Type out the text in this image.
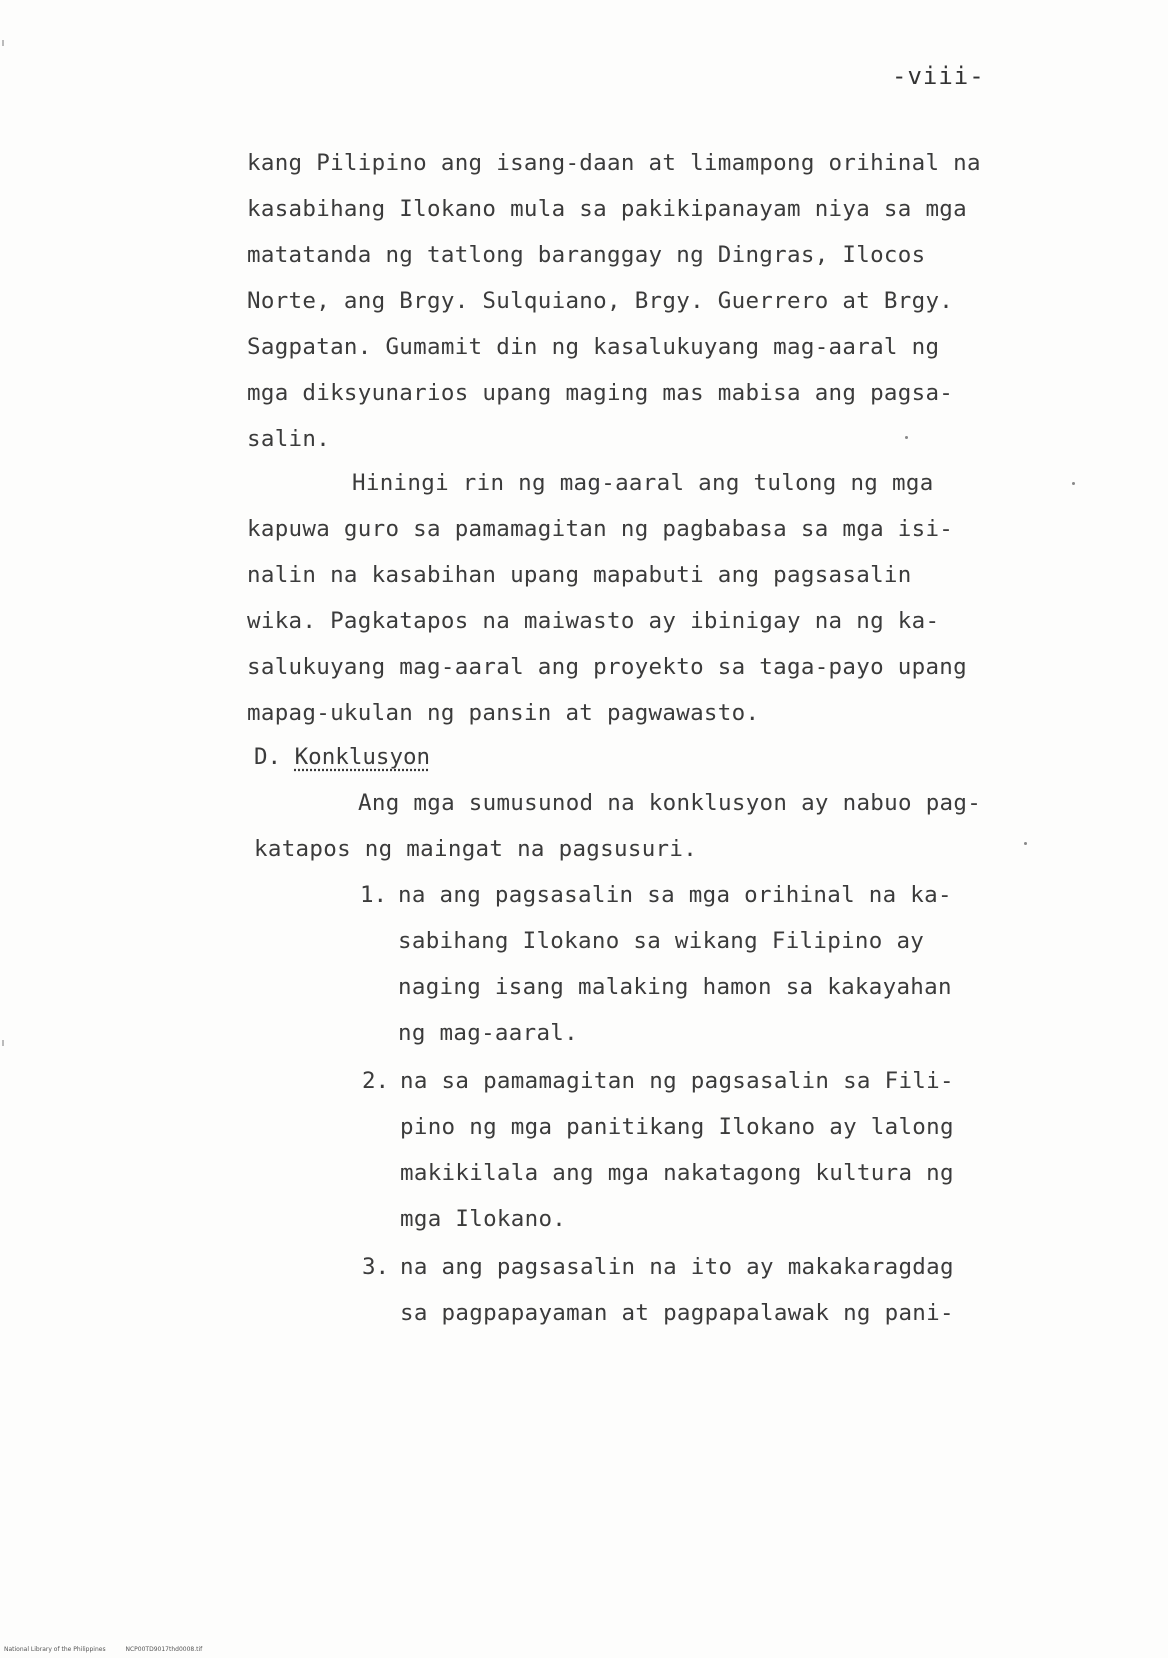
-viii-
kang Pilipino ang isang-daan at limampong orihinal na
kasabihang Ilokano mula sa pakikipanayam niya sa mga
matatanda ng tatlong baranggay ng Dingras, Ilocos
Norte, ang Brgy. Sulquiano, Brgy. Guerrero at Brgy.
Sagpatan. Gumamit din ng kasalukuyang mag-aaral ng
mga diksyunarios upang maging mas mabisa ang pagsa-
salin.
Hiningi rin ng mag-aaral ang tulong ng mga
kapuwa guro sa pamamagitan ng pagbabasa sa mga isi-
nalin na kasabihan upang mapabuti ang pagsasalin
wika. Pagkatapos na maiwasto ay ibinigay na ng ka-
salukuyang mag-aaral ang proyekto sa taga-payo upang
mapag-ukulan ng pansin at pagwawasto.
D. Konklusyon
Ang mga sumusunod na konklusyon ay nabuo pag-
katapos ng maingat na pagsusuri.
1. na ang pagsasalin sa mga orihinal na ka-
sabihang Ilokano sa wikang Filipino ay
naging isang malaking hamon sa kakayahan
ng mag-aaral.
2. na sa pamamagitan ng pagsasalin sa Fili-
pino ng mga panitikang Ilokano ay lalong
makikilala ang mga nakatagong kultura ng
mga Ilokano.
3. na ang pagsasalin na ito ay makakaragdag
sa pagpapayaman at pagpapalawak ng pani-
National Library of the Philippines	NCP00TD9017thd0008.tif
